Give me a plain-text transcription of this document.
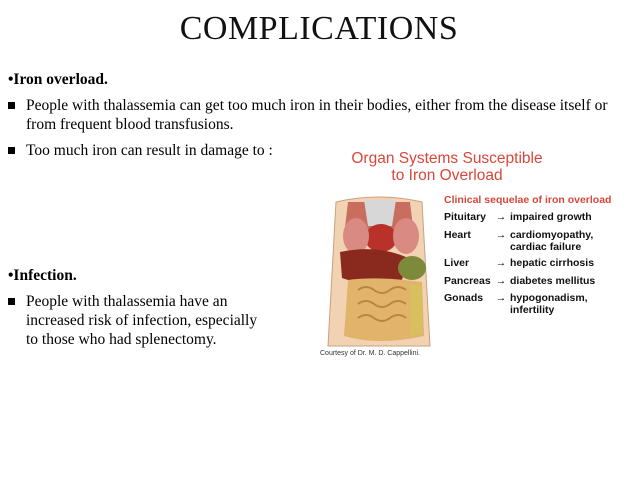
COMPLICATIONS
•Iron overload.
People with thalassemia can get too much iron in their bodies, either from the disease itself or from frequent blood transfusions.
Too much iron can result in damage to :
•Infection.
People with thalassemia have an increased risk of infection, especially to those who had splenectomy.
Organ Systems Susceptible
to Iron Overload
Clinical sequelae of iron overload
Pituitary → impaired growth
Heart	→ cardiomyopathy,
cardiac failure
Liver	→ hepatic cirrhosis
Pancreas → diabetes mellitus
Gonads	→ hypogonadism,
infertility
Courtesy of Dr. M. D. Cappellini.
